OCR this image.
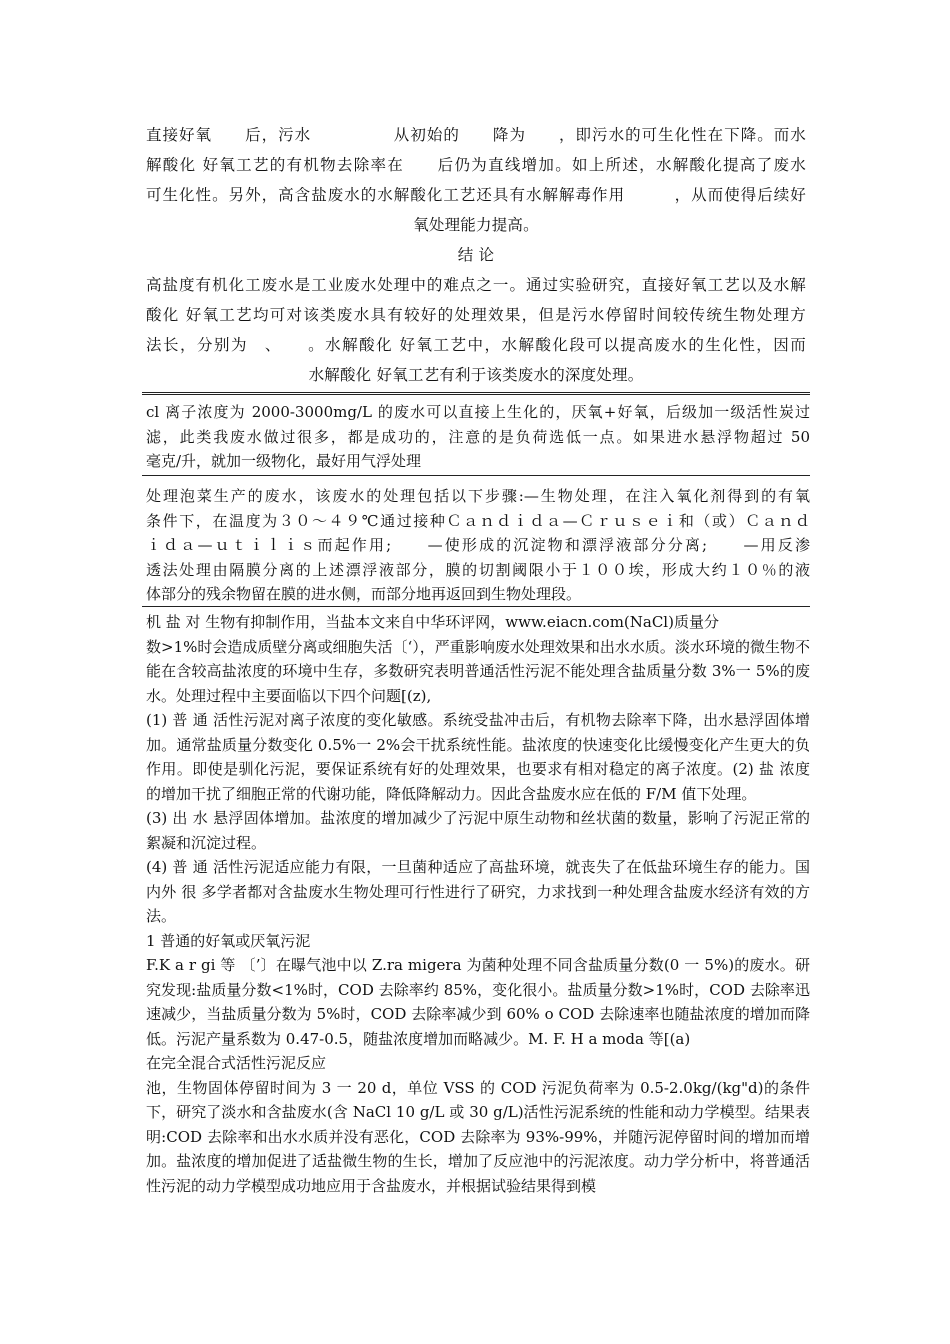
直接好氧　　后，污水　　　　　从初始的　　降为　　，即污水的可生化性在下降。而水

解酸化 好氧工艺的有机物去除率在　　后仍为直线增加。如上所述，水解酸化提高了废水

可生化性。另外，高含盐废水的水解酸化工艺还具有水解解毒作用　　　，从而使得后续好

氧处理能力提高。

结 论

高盐度有机化工废水是工业废水处理中的难点之一。通过实验研究，直接好氧工艺以及水解

酸化 好氧工艺均可对该类废水具有较好的处理效果，但是污水停留时间较传统生物处理方

法长，分别为　、　　。水解酸化 好氧工艺中，水解酸化段可以提高废水的生化性，因而

水解酸化 好氧工艺有利于该类废水的深度处理。

cl 离子浓度为 2000-3000mg/L 的废水可以直接上生化的，厌氧+好氧，后级加一级活性炭过

滤，此类我废水做过很多，都是成功的，注意的是负荷选低一点。如果进水悬浮物超过 50

毫克/升，就加一级物化，最好用气浮处理

处理泡菜生产的废水，该废水的处理包括以下步骤:—生物处理，在注入氧化剂得到的有氧

条件下，在温度为３０～４９℃通过接种Ｃａｎｄｉｄａ—Ｃｒｕｓｅｉ和（或）Ｃａｎｄ

ｉｄａ—ｕｔｉｌｉｓ而起作用;　　—使形成的沉淀物和漂浮液部分分离;　　—用反渗

透法处理由隔膜分离的上述漂浮液部分，膜的切割阈限小于１００埃，形成大约１０％的液

体部分的残余物留在膜的进水侧，而部分地再返回到生物处理段。

机 盐 对 生物有抑制作用，当盐本文来自中华环评网，www.eiacn.com(NaCl)质量分

数>1%时会造成质壁分离或细胞失活〔‘），严重影响废水处理效果和出水水质。淡水环境的微生物不能在含较高盐浓度的环境中生存，多数研究表明普通活性污泥不能处理含盐质量分数 3%一 5%的废水。处理过程中主要面临以下四个问题[(z),

(1) 普 通 活性污泥对离子浓度的变化敏感。系统受盐冲击后，有机物去除率下降，出水悬浮固体增加。通常盐质量分数变化 0.5%一 2%会干扰系统性能。盐浓度的快速变化比缓慢变化产生更大的负作用。即使是驯化污泥，要保证系统有好的处理效果，也要求有相对稳定的离子浓度。(2) 盐 浓度 的增加干扰了细胞正常的代谢功能，降低降解动力。因此含盐废水应在低的 F/M 值下处理。

(3) 出 水 悬浮固体增加。盐浓度的增加减少了污泥中原生动物和丝状菌的数量，影响了污泥正常的絮凝和沉淀过程。

(4) 普 通 活性污泥适应能力有限，一旦菌种适应了高盐环境，就丧失了在低盐环境生存的能力。国 内外 很 多学者都对含盐废水生物处理可行性进行了研究，力求找到一种处理含盐废水经济有效的方法。

1 普通的好氧或厌氧污泥

F.K a r gi 等 〔’〕在曝气池中以 Z.ra migera 为菌种处理不同含盐质量分数(0 一 5%)的废水。研究发现:盐质量分数<1%时，COD 去除率约 85%，变化很小。盐质量分数>1%时，COD 去除率迅速减少，当盐质量分数为 5%时，COD 去除率减少到 60% o COD 去除速率也随盐浓度的增加而降低。污泥产量系数为 0.47-0.5，随盐浓度增加而略减少。M. F. H a moda 等[(a)

在完全混合式活性污泥反应

池，生物固体停留时间为 3 一 20 d，单位 VSS 的 COD 污泥负荷率为 0.5-2.0kg/(kg"d)的条件下，研究了淡水和含盐废水(含 NaCl 10 g/L 或 30 g/L)活性污泥系统的性能和动力学模型。结果表明:COD 去除率和出水水质并没有恶化，COD 去除率为 93%-99%，并随污泥停留时间的增加而增加。盐浓度的增加促进了适盐微生物的生长，增加了反应池中的污泥浓度。动力学分析中，将普通活性污泥的动力学模型成功地应用于含盐废水，并根据试验结果得到模
